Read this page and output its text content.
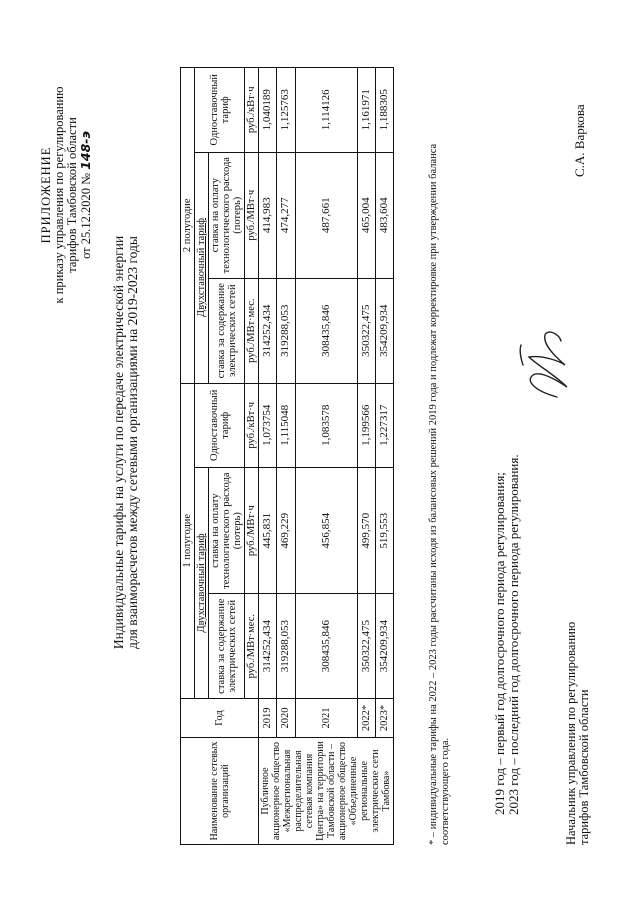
ПРИЛОЖЕНИЕ к приказу управления по регулированию тарифов Тамбовской области от 25.12.2020 № 148-э
Индивидуальные тарифы на услуги по передаче электрической энергии для взаиморасчетов между сетевыми организациями на 2019-2023 годы
Наименование сетевых организаций	Год	1 полугодие			2 полугодие		
		Двухставочный тариф		Одноставочный тариф	Двухставочный тариф		Одноставочный тариф
		ставка за содержание электрических сетей	ставка на оплату технологического расхода (потерь)		ставка за содержание электрических сетей	ставка на оплату технологического расхода (потерь)	
		руб./МВт·мес.	руб./МВт·ч	руб./кВт·ч	руб./МВт·мес.	руб./МВт·ч	руб./кВт·ч
Публичное акционерное общество «Межрегиональная распределительная сетевая компания Центра» на территории Тамбовской области – акционерное общество «Объединенные региональные электрические сети Тамбова»	2019	314252,434	445,831	1,073754	314252,434	414,983	1,040189
	2020	319288,053	469,229	1,115048	319288,053	474,277	1,125763
	2021	308435,846	456,854	1,083578	308435,846	487,661	1,114126
	2022*	350322,475	499,570	1,199566	350322,475	465,004	1,161971
	2023*	354209,934	519,553	1,227317	354209,934	483,604	1,188305
* – индивидуальные тарифы на 2022 – 2023 годы рассчитаны исходя из балансовых решений 2019 года и подлежат корректировке при утверждении баланса соответствующего года.	2019 год – первый год долгосрочного периода регулирования; 2023 год – последний год долгосрочного периода регулирования.	Начальник управления по регулированию тарифов Тамбовской области
С.А. Варкова
